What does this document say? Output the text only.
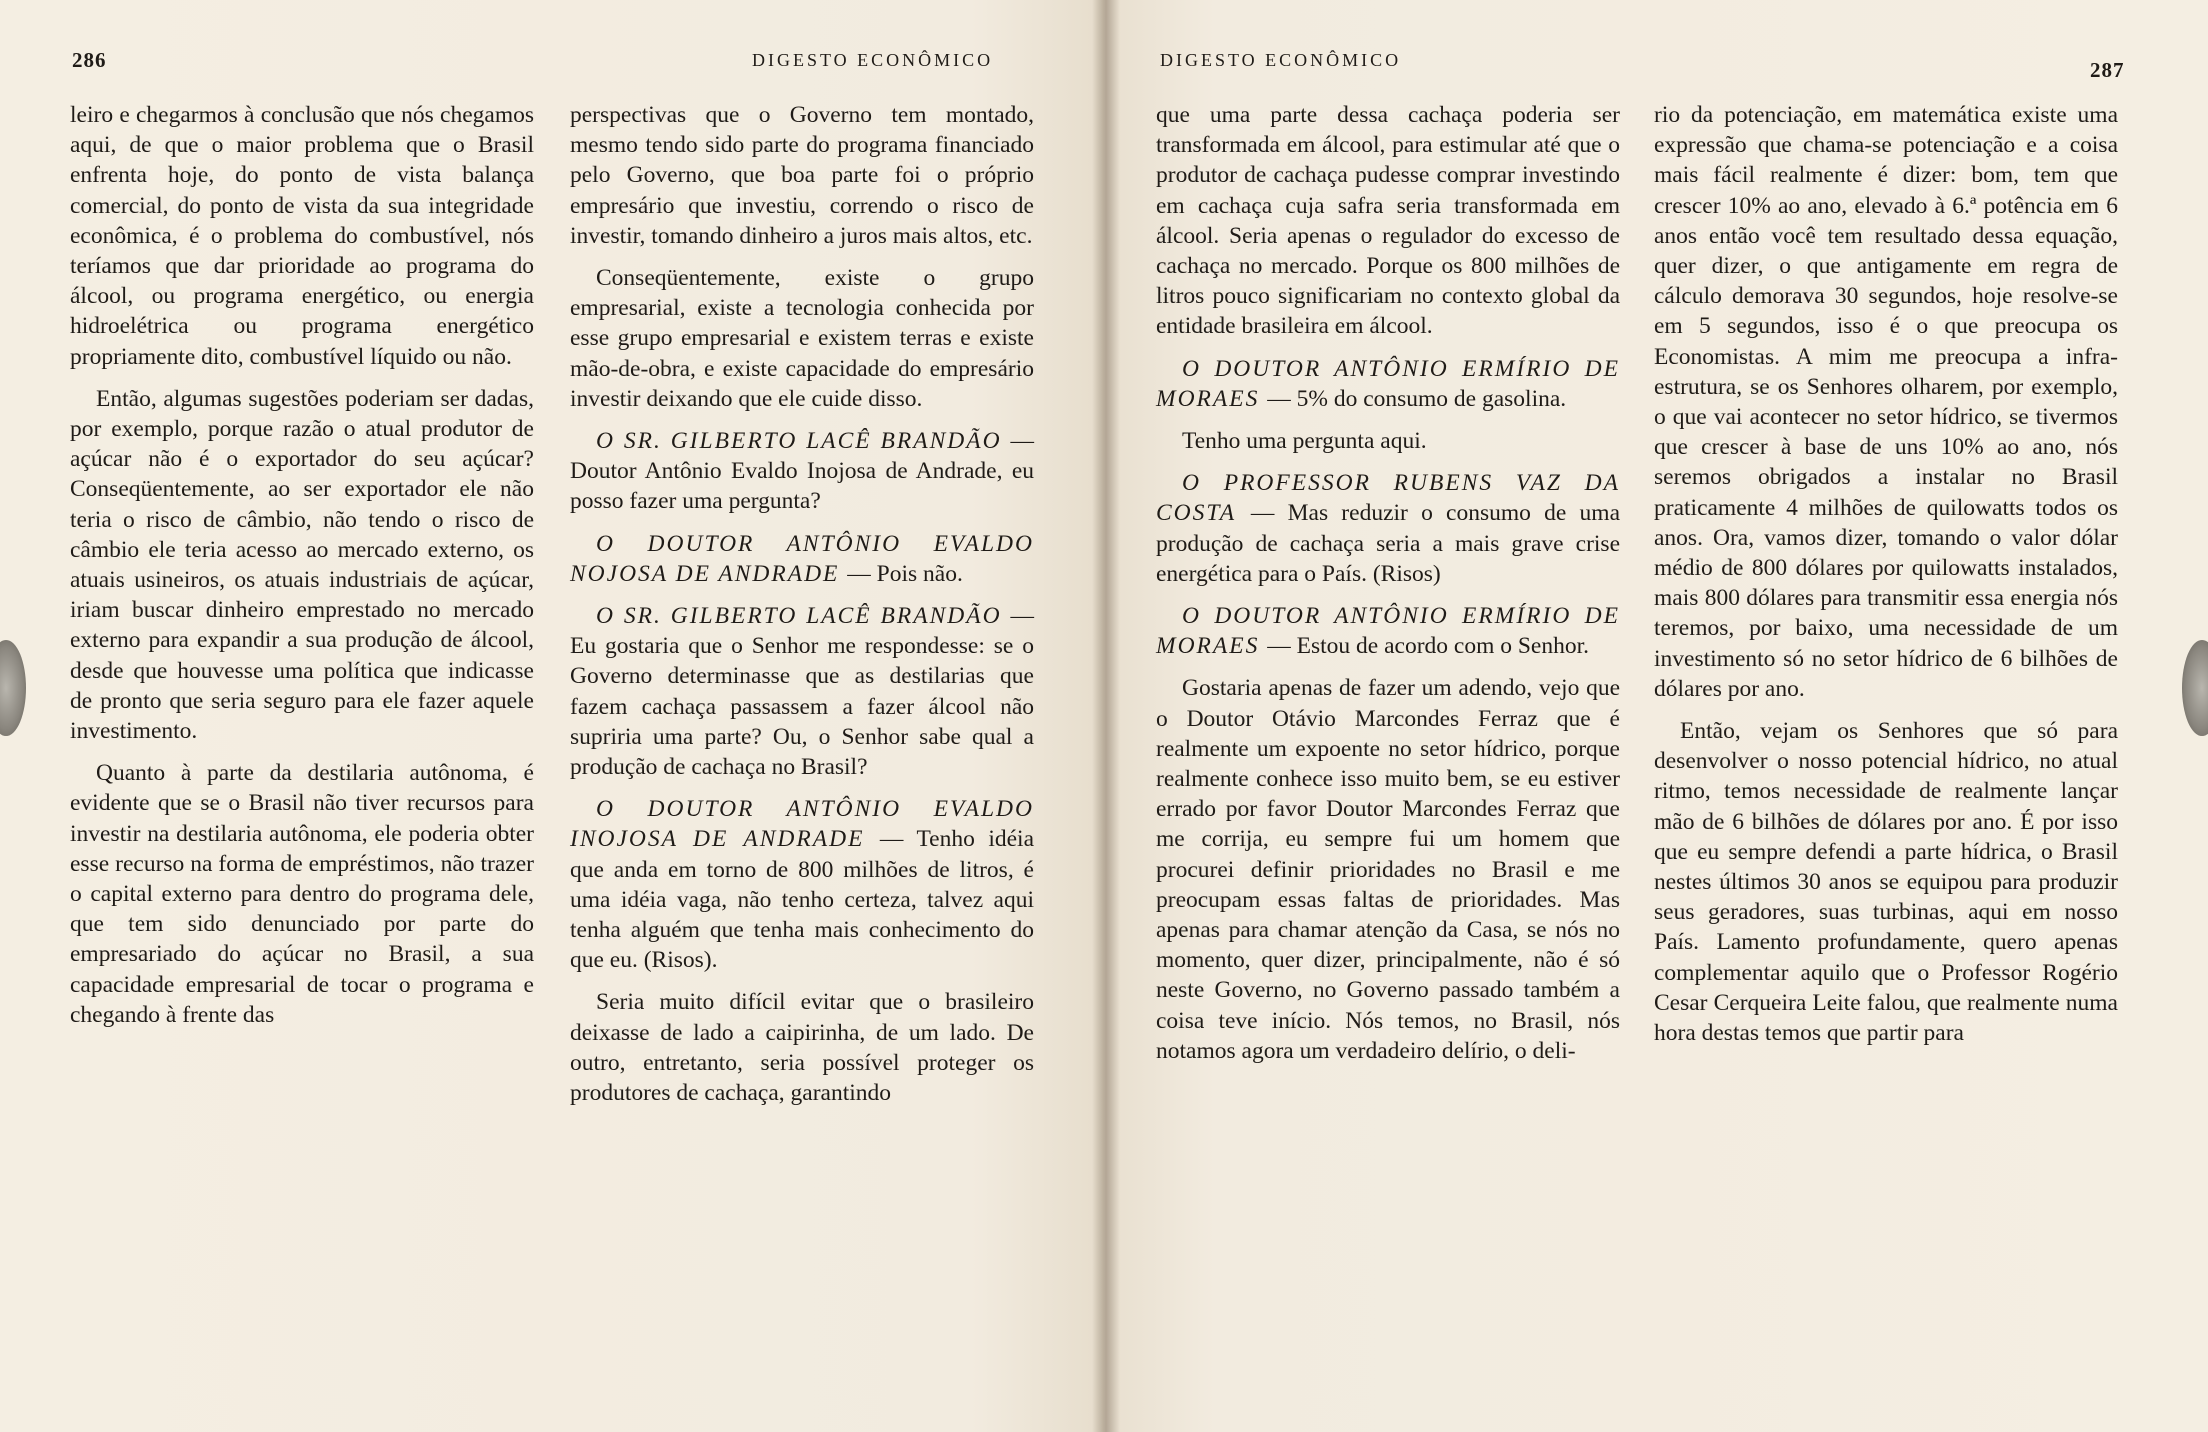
286	DIGESTO ECONÔMICO

leiro e chegarmos à conclusão que nós chegamos aqui, de que o maior problema que o Brasil enfrenta hoje, do ponto de vista balança comercial, do ponto de vista da sua integridade econômica, é o problema do combustível, nós teríamos que dar prioridade ao programa do álcool, ou programa energético, ou energia hidroelétrica ou programa energético propriamente dito, combustível líquido ou não.

Então, algumas sugestões poderiam ser dadas, por exemplo, porque razão o atual produtor de açúcar não é o exportador do seu açúcar? Conseqüentemente, ao ser exportador ele não teria o risco de câmbio, não tendo o risco de câmbio ele teria acesso ao mercado externo, os atuais usineiros, os atuais industriais de açúcar, iriam buscar dinheiro emprestado no mercado externo para expandir a sua produção de álcool, desde que houvesse uma política que indicasse de pronto que seria seguro para ele fazer aquele investimento.

Quanto à parte da destilaria autônoma, é evidente que se o Brasil não tiver recursos para investir na destilaria autônoma, ele poderia obter esse recurso na forma de empréstimos, não trazer o capital externo para dentro do programa dele, que tem sido denunciado por parte do empresariado do açúcar no Brasil, a sua capacidade empresarial de tocar o programa e chegando à frente das

perspectivas que o Governo tem montado, mesmo tendo sido parte do programa financiado pelo Governo, que boa parte foi o próprio empresário que investiu, correndo o risco de investir, tomando dinheiro a juros mais altos, etc.

Conseqüentemente, existe o grupo empresarial, existe a tecnologia conhecida por esse grupo empresarial e existem terras e existe mão-de-obra, e existe capacidade do empresário investir deixando que ele cuide disso.

O SR. GILBERTO LACÊ BRANDÃO — Doutor Antônio Evaldo Inojosa de Andrade, eu posso fazer uma pergunta?

O DOUTOR ANTÔNIO EVALDO NOJOSA DE ANDRADE — Pois não.

O SR. GILBERTO LACÊ BRANDÃO — Eu gostaria que o Senhor me respondesse: se o Governo determinasse que as destilarias que fazem cachaça passassem a fazer álcool não supriria uma parte? Ou, o Senhor sabe qual a produção de cachaça no Brasil?

O DOUTOR ANTÔNIO EVALDO INOJOSA DE ANDRADE — Tenho idéia que anda em torno de 800 milhões de litros, é uma idéia vaga, não tenho certeza, talvez aqui tenha alguém que tenha mais conhecimento do que eu. (Risos).

Seria muito difícil evitar que o brasileiro deixasse de lado a caipirinha, de um lado. De outro, entretanto, seria possível proteger os produtores de cachaça, garantindo

DIGESTO ECONÔMICO	287

que uma parte dessa cachaça poderia ser transformada em álcool, para estimular até que o produtor de cachaça pudesse comprar investindo em cachaça cuja safra seria transformada em álcool. Seria apenas o regulador do excesso de cachaça no mercado. Porque os 800 milhões de litros pouco significariam no contexto global da entidade brasileira em álcool.

O DOUTOR ANTÔNIO ERMÍRIO DE MORAES — 5% do consumo de gasolina.

Tenho uma pergunta aqui.

O PROFESSOR RUBENS VAZ DA COSTA — Mas reduzir o consumo de uma produção de cachaça seria a mais grave crise energética para o País. (Risos)

O DOUTOR ANTÔNIO ERMÍRIO DE MORAES — Estou de acordo com o Senhor.

Gostaria apenas de fazer um adendo, vejo que o Doutor Otávio Marcondes Ferraz que é realmente um expoente no setor hídrico, porque realmente conhece isso muito bem, se eu estiver errado por favor Doutor Marcondes Ferraz que me corrija, eu sempre fui um homem que procurei definir prioridades no Brasil e me preocupam essas faltas de prioridades. Mas apenas para chamar atenção da Casa, se nós no momento, quer dizer, principalmente, não é só neste Governo, no Governo passado também a coisa teve início. Nós temos, no Brasil, nós notamos agora um verdadeiro delírio, o deli-

rio da potenciação, em matemática existe uma expressão que chama-se potenciação e a coisa mais fácil realmente é dizer: bom, tem que crescer 10% ao ano, elevado à 6.ª potência em 6 anos então você tem resultado dessa equação, quer dizer, o que antigamente em regra de cálculo demorava 30 segundos, hoje resolve-se em 5 segundos, isso é o que preocupa os Economistas. A mim me preocupa a infra-estrutura, se os Senhores olharem, por exemplo, o que vai acontecer no setor hídrico, se tivermos que crescer à base de uns 10% ao ano, nós seremos obrigados a instalar no Brasil praticamente 4 milhões de quilowatts todos os anos. Ora, vamos dizer, tomando o valor dólar médio de 800 dólares por quilowatts instalados, mais 800 dólares para transmitir essa energia nós teremos, por baixo, uma necessidade de um investimento só no setor hídrico de 6 bilhões de dólares por ano.

Então, vejam os Senhores que só para desenvolver o nosso potencial hídrico, no atual ritmo, temos necessidade de realmente lançar mão de 6 bilhões de dólares por ano. É por isso que eu sempre defendi a parte hídrica, o Brasil nestes últimos 30 anos se equipou para produzir seus geradores, suas turbinas, aqui em nosso País. Lamento profundamente, quero apenas complementar aquilo que o Professor Rogério Cesar Cerqueira Leite falou, que realmente numa hora destas temos que partir para
